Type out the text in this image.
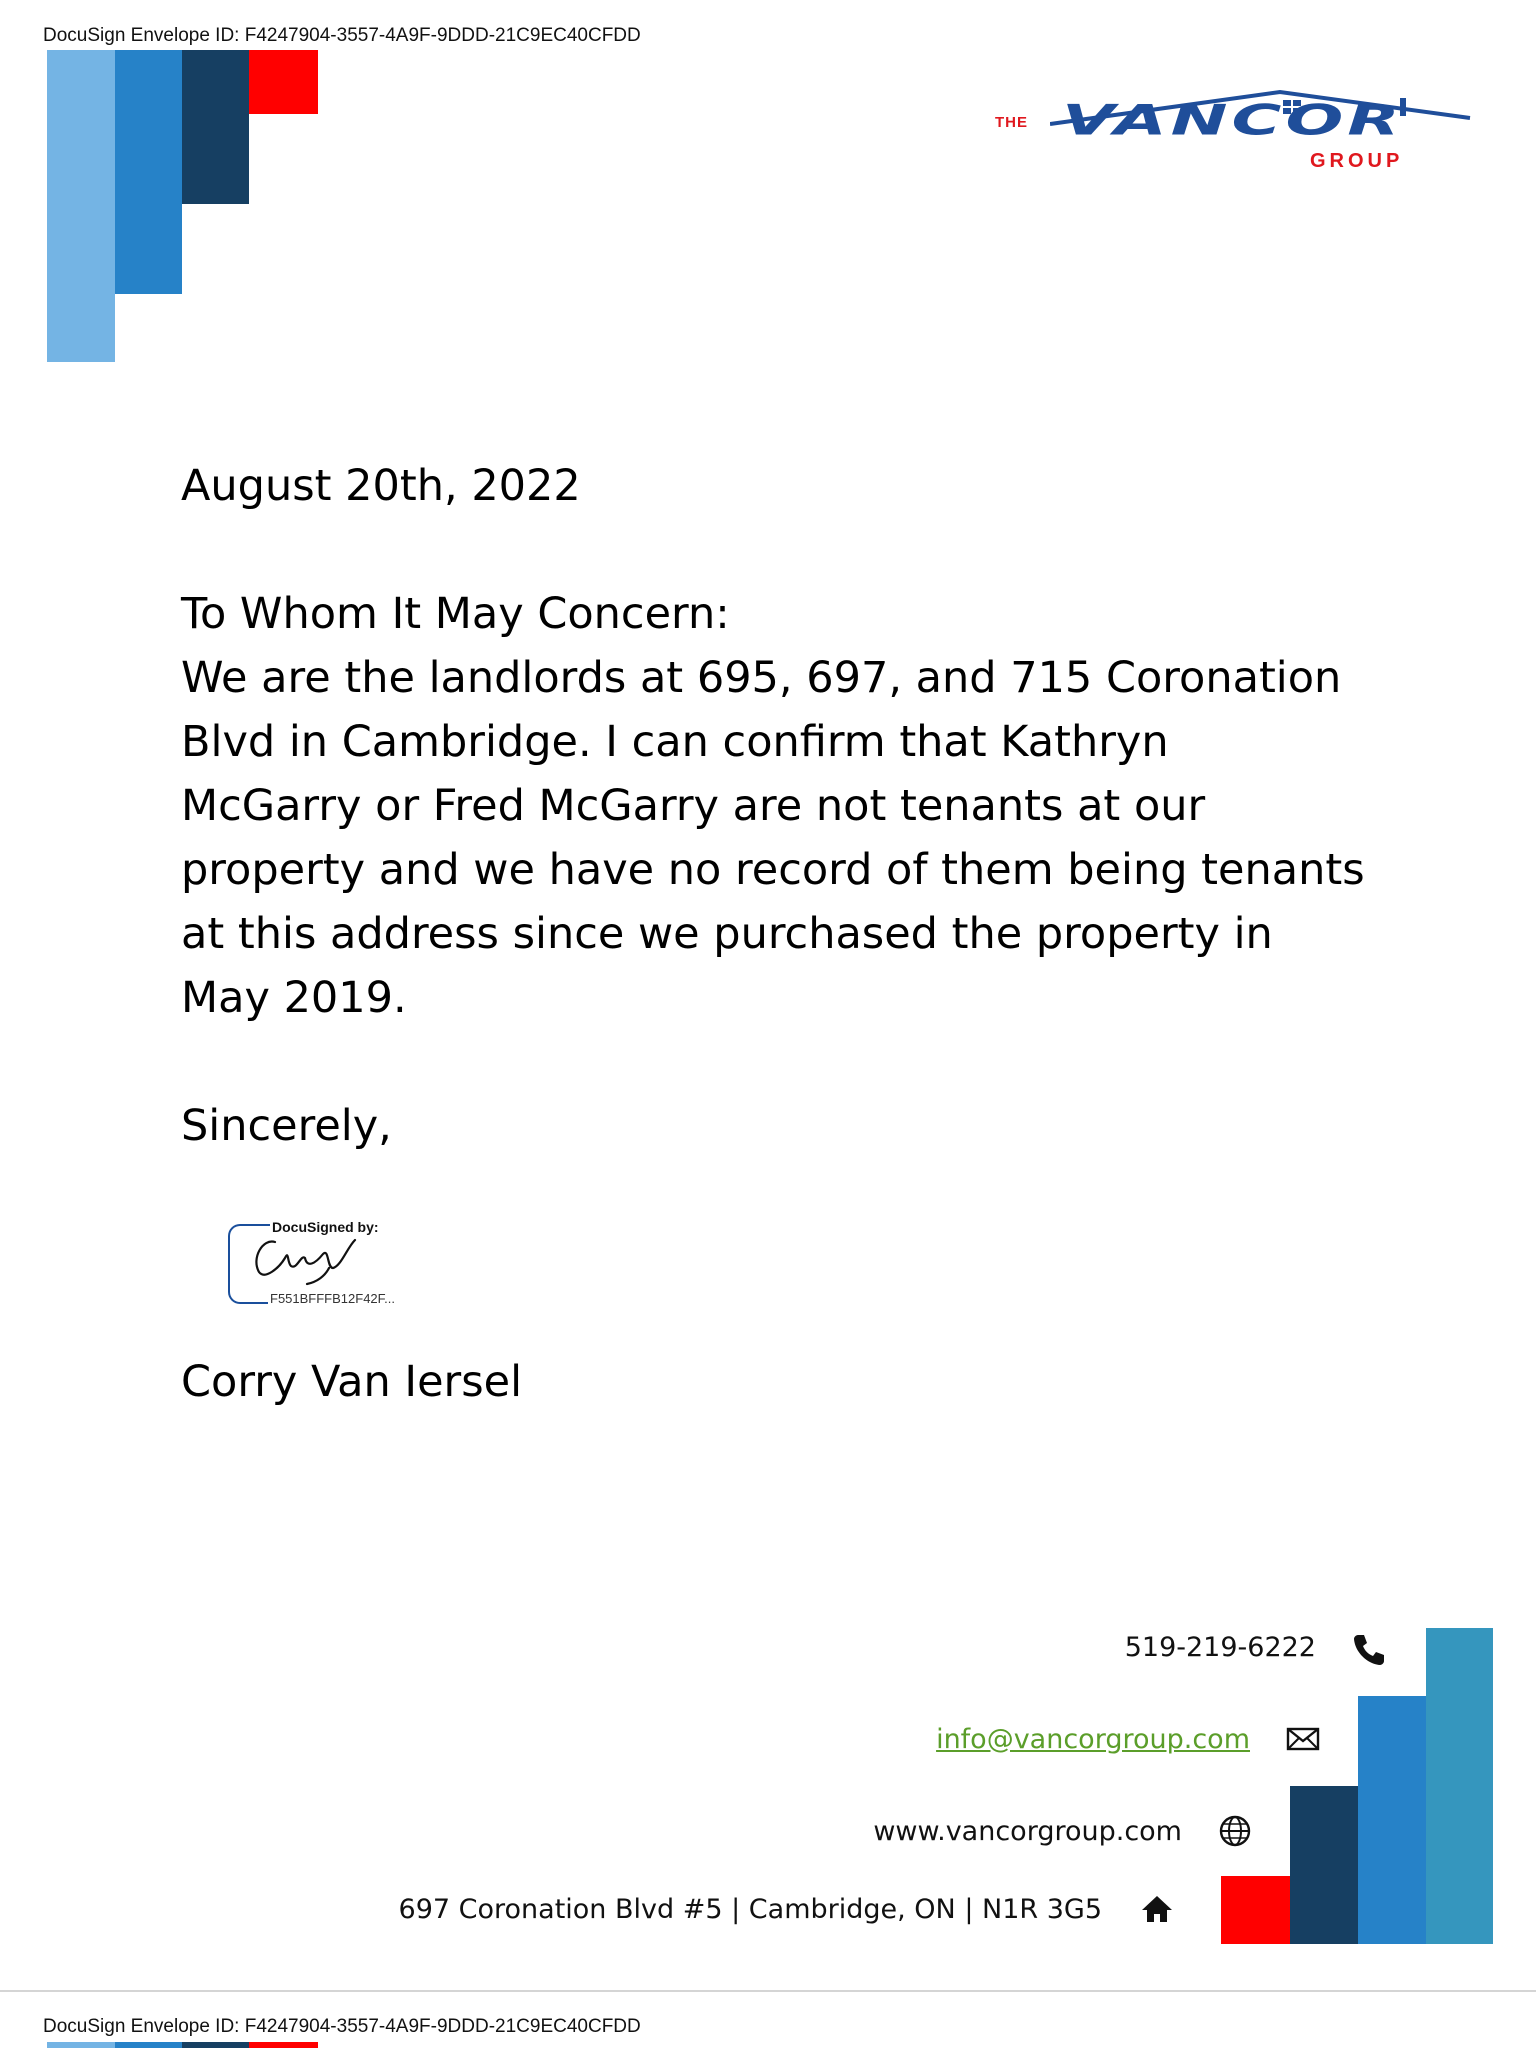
DocuSign Envelope ID: F4247904-3557-4A9F-9DDD-21C9EC40CFDD
THE VANCOR
GROUP
August 20th, 2022
To Whom It May Concern:
We are the landlords at 695, 697, and 715 Coronation
Blvd in Cambridge. I can confirm that Kathryn
McGarry or Fred McGarry are not tenants at our
property and we have no record of them being tenants
at this address since we purchased the property in
May 2019.
Sincerely,
DocuSigned by:
F551BFFFB12F42F...
Corry Van Iersel
519-219-6222
info@vancorgroup.com
www.vancorgroup.com
697 Coronation Blvd #5 | Cambridge, ON | N1R 3G5
DocuSign Envelope ID: F4247904-3557-4A9F-9DDD-21C9EC40CFDD
